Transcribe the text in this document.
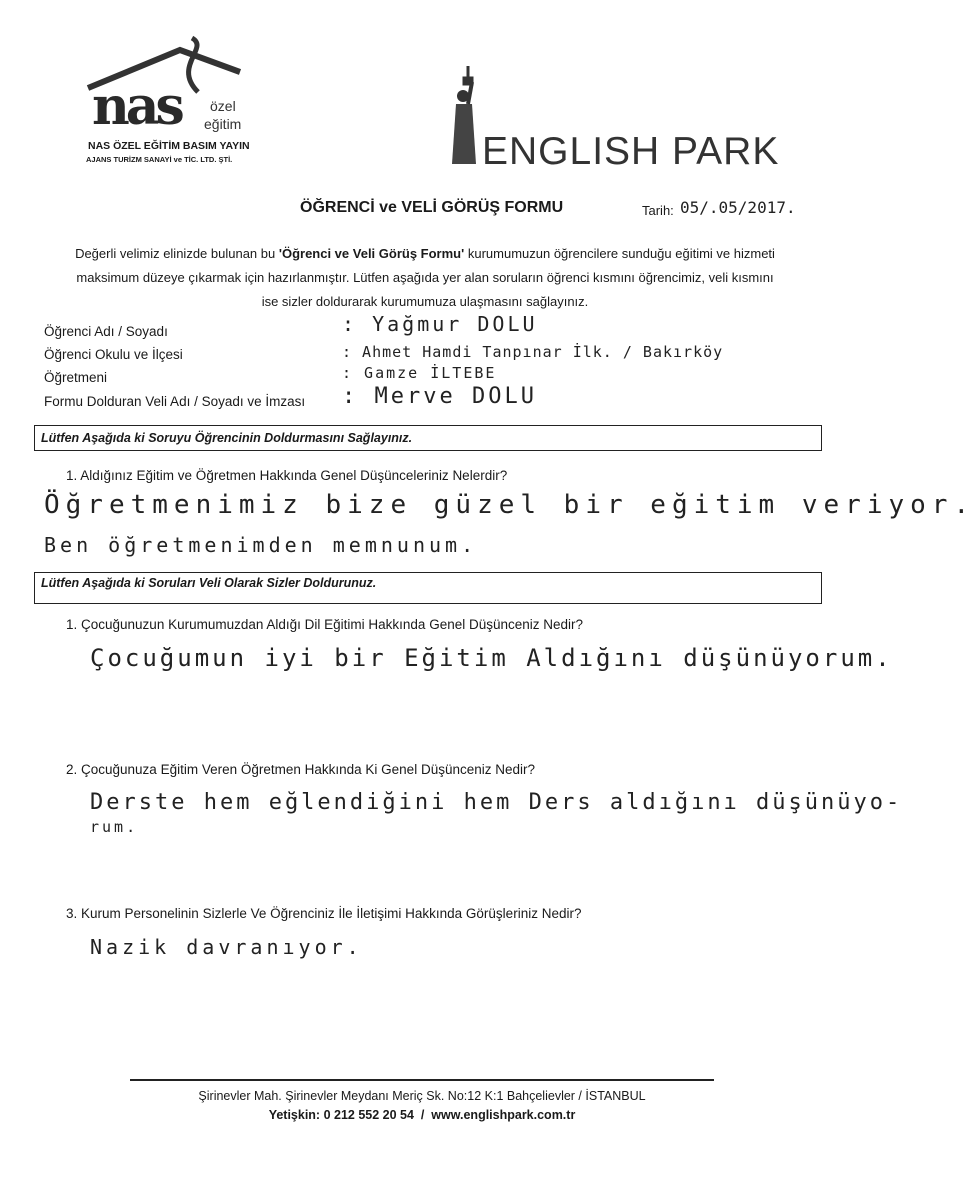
nas özel
eğitim
NAS ÖZEL EĞİTİM BASIM YAYIN
AJANS TURİZM SANAYİ ve TİC. LTD. ŞTİ.	ENGLISH PARK
ÖĞRENCİ ve VELİ GÖRÜŞ FORMU	Tarih: 05/.05/2017.
Değerli velimiz elinizde bulunan bu 'Öğrenci ve Veli Görüş Formu' kurumumuzun öğrencilere sunduğu eğitimi ve hizmeti
maksimum düzeye çıkarmak için hazırlanmıştır. Lütfen aşağıda yer alan soruların öğrenci kısmını öğrencimiz, veli kısmını
ise sizler doldurarak kurumumuza ulaşmasını sağlayınız.
Öğrenci Adı / Soyadı	: Yağmur DOLU
Öğrenci Okulu ve İlçesi	: Ahmet Hamdi Tanpınar İlk. / Bakırköy
Öğretmeni	: Gamze İLTEBE
Formu Dolduran Veli Adı / Soyadı ve İmzası : Merve DOLU
Lütfen Aşağıda ki Soruyu Öğrencinin Doldurmasını Sağlayınız.
1. Aldığınız Eğitim ve Öğretmen Hakkında Genel Düşünceleriniz Nelerdir?
Öğretmenimiz bize güzel bir eğitim veriyor.
Ben öğretmenimden memnunum.
Lütfen Aşağıda ki Soruları Veli Olarak Sizler Doldurunuz.
1. Çocuğunuzun Kurumumuzdan Aldığı Dil Eğitimi Hakkında Genel Düşünceniz Nedir?
Çocuğumun iyi bir Eğitim Aldığını düşünüyorum.
2. Çocuğunuza Eğitim Veren Öğretmen Hakkında Ki Genel Düşünceniz Nedir?
Derste hem eğlendiğini hem Ders aldığını düşünüyo-
rum.
3. Kurum Personelinin Sizlerle Ve Öğrenciniz İle İletişimi Hakkında Görüşleriniz Nedir?
Nazik davranıyor.
Şirinevler Mah. Şirinevler Meydanı Meriç Sk. No:12 K:1 Bahçelievler / İSTANBUL
Yetişkin: 0 212 552 20 54  /  www.englishpark.com.tr
